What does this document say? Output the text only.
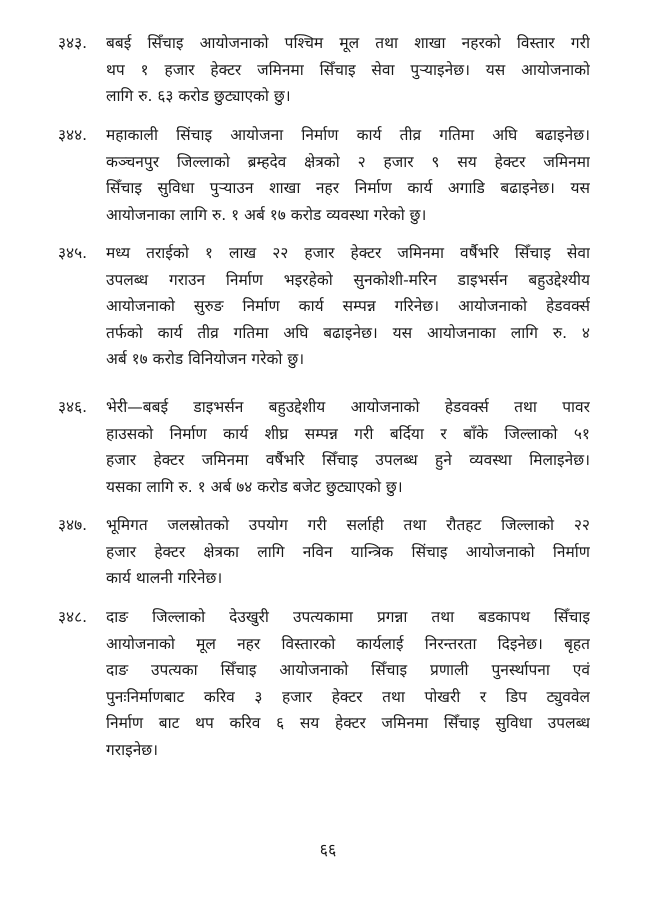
३४३.	बबई सिँचाइ आयोजनाको पश्चिम मूल तथा शाखा नहरको विस्तार गरी
थप १ हजार हेक्टर जमिनमा सिँचाइ सेवा पुऱ्याइनेछ। यस आयोजनाको
लागि रु. ६३ करोड छुट्याएको छु।
३४४.	महाकाली सिंचाइ आयोजना निर्माण कार्य तीव्र गतिमा अघि बढाइनेछ।
कञ्चनपुर जिल्लाको ब्रम्हदेव क्षेत्रको २ हजार ९ सय हेक्टर जमिनमा
सिँचाइ सुविधा पुऱ्याउन शाखा नहर निर्माण कार्य अगाडि बढाइनेछ। यस
आयोजनाका लागि रु. १ अर्ब १७ करोड व्यवस्था गरेको छु।
३४५.	मध्य तराईको १ लाख २२ हजार हेक्टर जमिनमा वर्षैभरि सिँचाइ सेवा
उपलब्ध गराउन निर्माण भइरहेको सुनकोशी-मरिन डाइभर्सन बहुउद्देश्यीय
आयोजनाको सुरुङ निर्माण कार्य सम्पन्न गरिनेछ। आयोजनाको हेडवर्क्स
तर्फको कार्य तीव्र गतिमा अघि बढाइनेछ। यस आयोजनाका लागि रु. ४
अर्ब १७ करोड विनियोजन गरेको छु।
३४६.	भेरी—बबई डाइभर्सन बहुउद्देशीय आयोजनाको हेडवर्क्स तथा पावर
हाउसको निर्माण कार्य शीघ्र सम्पन्न गरी बर्दिया र बाँके जिल्लाको ५१
हजार हेक्टर जमिनमा वर्षैभरि सिँचाइ उपलब्ध हुने व्यवस्था मिलाइनेछ।
यसका लागि रु. १ अर्ब ७४ करोड बजेट छुट्याएको छु।
३४७.	भूमिगत जलस्रोतको उपयोग गरी सर्लाही तथा रौतहट जिल्लाको २२
हजार हेक्टर क्षेत्रका लागि नविन यान्त्रिक सिंचाइ आयोजनाको निर्माण
कार्य थालनी गरिनेछ।
३४८.	दाङ जिल्लाको देउखुरी उपत्यकामा प्रगन्ना तथा बडकापथ सिँचाइ
आयोजनाको मूल नहर विस्तारको कार्यलाई निरन्तरता दिइनेछ। बृहत
दाङ उपत्यका सिँचाइ आयोजनाको सिँचाइ प्रणाली पुनर्स्थापना एवं
पुनःनिर्माणबाट करिव ३ हजार हेक्टर तथा पोखरी र डिप ट्युववेल
निर्माण बाट थप करिव ६ सय हेक्टर जमिनमा सिँचाइ सुविधा उपलब्ध
गराइनेछ।
६६
